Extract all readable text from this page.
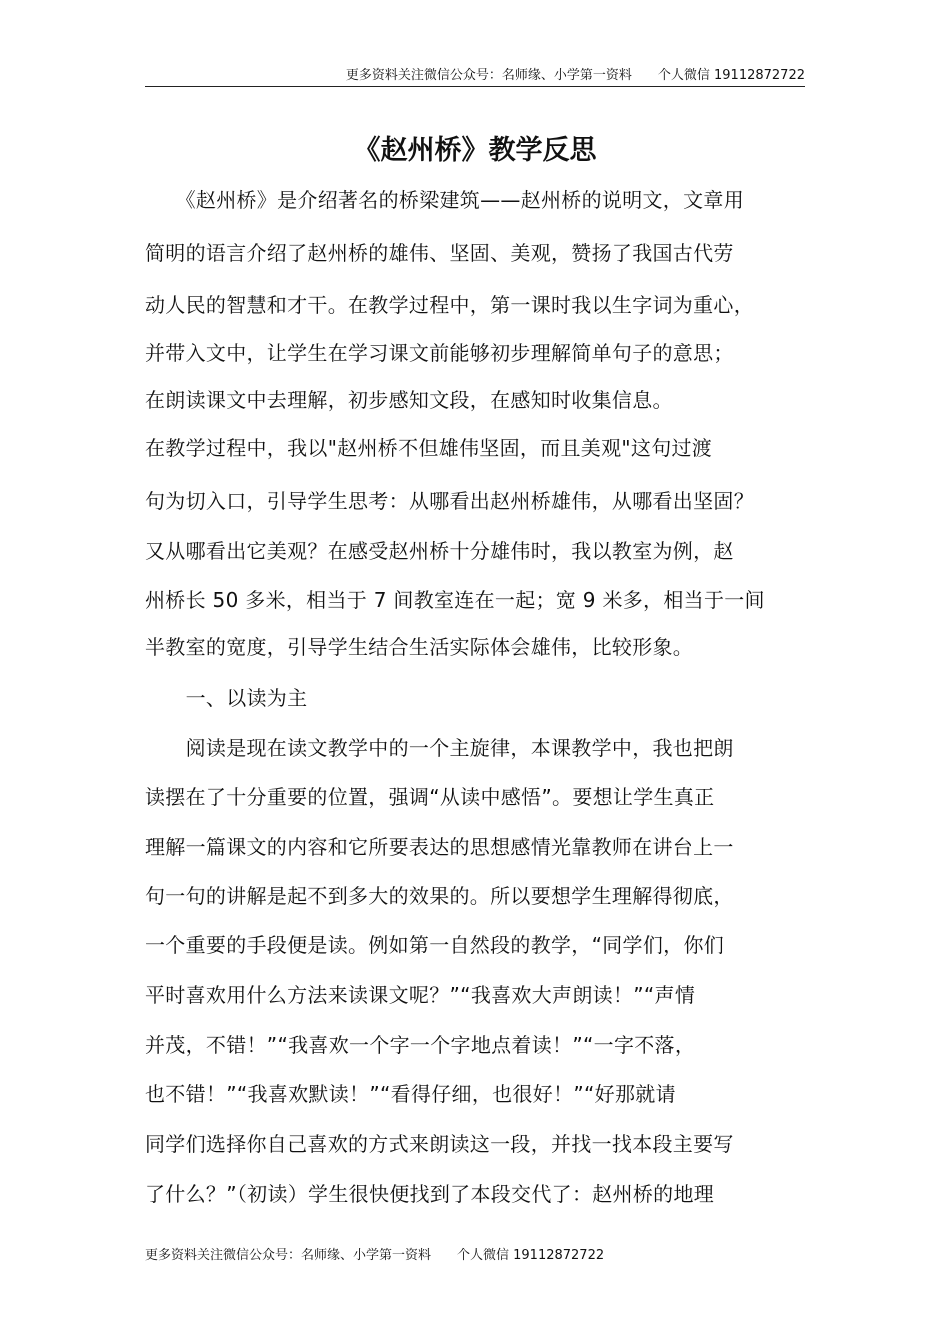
更多资料关注微信公众号：名师缘、小学第一资料　　个人微信 19112872722
《赵州桥》教学反思
　　《赵州桥》是介绍著名的桥梁建筑——赵州桥的说明文，文章用
简明的语言介绍了赵州桥的雄伟、坚固、美观，赞扬了我国古代劳
动人民的智慧和才干。在教学过程中，第一课时我以生字词为重心，
并带入文中，让学生在学习课文前能够初步理解简单句子的意思；
在朗读课文中去理解，初步感知文段，在感知时收集信息。
在教学过程中，我以"赵州桥不但雄伟坚固，而且美观"这句过渡
句为切入口，引导学生思考：从哪看出赵州桥雄伟，从哪看出坚固？
又从哪看出它美观？在感受赵州桥十分雄伟时，我以教室为例，赵
州桥长 50 多米，相当于 7 间教室连在一起；宽 9 米多，相当于一间
半教室的宽度，引导学生结合生活实际体会雄伟，比较形象。
　　一、以读为主
　　阅读是现在读文教学中的一个主旋律，本课教学中，我也把朗
读摆在了十分重要的位置，强调“从读中感悟”。要想让学生真正
理解一篇课文的内容和它所要表达的思想感情光靠教师在讲台上一
句一句的讲解是起不到多大的效果的。所以要想学生理解得彻底，
一个重要的手段便是读。例如第一自然段的教学，“同学们，你们
平时喜欢用什么方法来读课文呢？”“我喜欢大声朗读！”“声情
并茂，不错！”“我喜欢一个字一个字地点着读！”“一字不落，
也不错！”“我喜欢默读！”“看得仔细，也很好！”“好那就请
同学们选择你自己喜欢的方式来朗读这一段，并找一找本段主要写
了什么？”（初读）学生很快便找到了本段交代了：赵州桥的地理
更多资料关注微信公众号：名师缘、小学第一资料　　个人微信 19112872722
